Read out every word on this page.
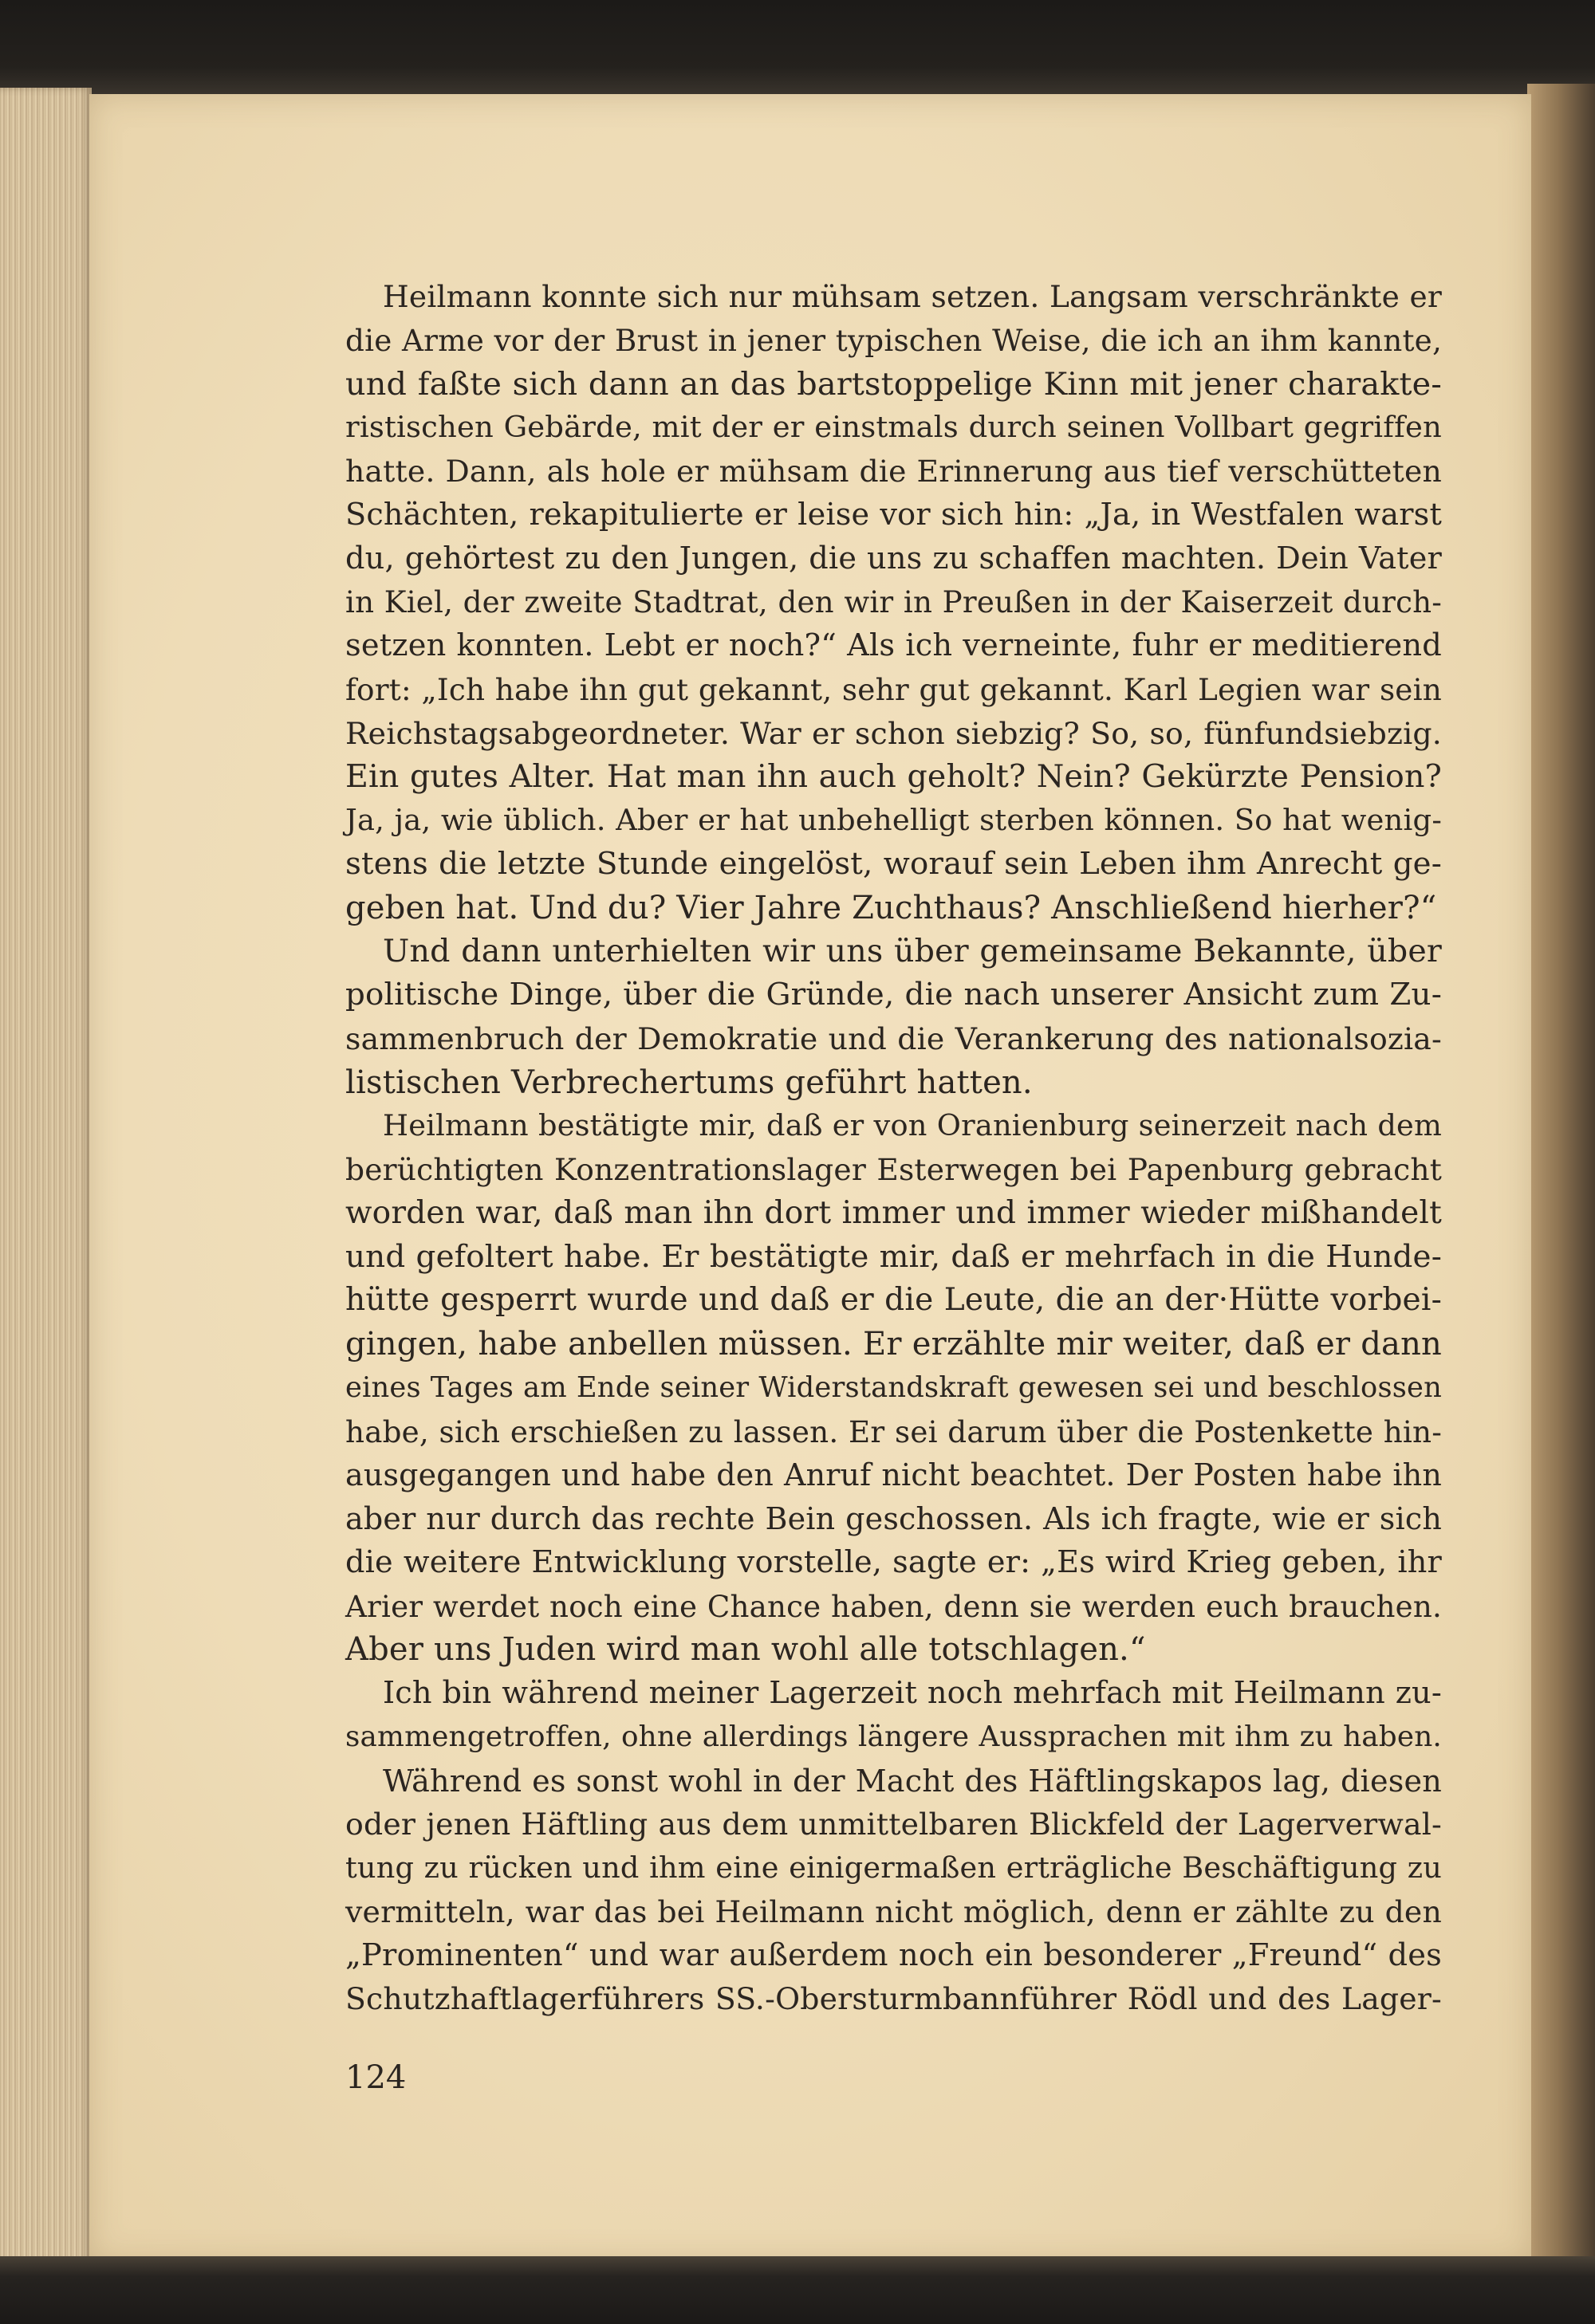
Heilmann konnte sich nur mühsam setzen. Langsam verschränkte er
die Arme vor der Brust in jener typischen Weise, die ich an ihm kannte,
und faßte sich dann an das bartstoppelige Kinn mit jener charakte-
ristischen Gebärde, mit der er einstmals durch seinen Vollbart gegriffen
hatte. Dann, als hole er mühsam die Erinnerung aus tief verschütteten
Schächten, rekapitulierte er leise vor sich hin: „Ja, in Westfalen warst
du, gehörtest zu den Jungen, die uns zu schaffen machten. Dein Vater
in Kiel, der zweite Stadtrat, den wir in Preußen in der Kaiserzeit durch-
setzen konnten. Lebt er noch?“ Als ich verneinte, fuhr er meditierend
fort: „Ich habe ihn gut gekannt, sehr gut gekannt. Karl Legien war sein
Reichstagsabgeordneter. War er schon siebzig? So, so, fünfundsiebzig.
Ein gutes Alter. Hat man ihn auch geholt? Nein? Gekürzte Pension?
Ja, ja, wie üblich. Aber er hat unbehelligt sterben können. So hat wenig-
stens die letzte Stunde eingelöst, worauf sein Leben ihm Anrecht ge-
geben hat. Und du? Vier Jahre Zuchthaus? Anschließend hierher?“
Und dann unterhielten wir uns über gemeinsame Bekannte, über
politische Dinge, über die Gründe, die nach unserer Ansicht zum Zu-
sammenbruch der Demokratie und die Verankerung des nationalsozia-
listischen Verbrechertums geführt hatten.
Heilmann bestätigte mir, daß er von Oranienburg seinerzeit nach dem
berüchtigten Konzentrationslager Esterwegen bei Papenburg gebracht
worden war, daß man ihn dort immer und immer wieder mißhandelt
und gefoltert habe. Er bestätigte mir, daß er mehrfach in die Hunde-
hütte gesperrt wurde und daß er die Leute, die an der·Hütte vorbei-
gingen, habe anbellen müssen. Er erzählte mir weiter, daß er dann
eines Tages am Ende seiner Widerstandskraft gewesen sei und beschlossen
habe, sich erschießen zu lassen. Er sei darum über die Postenkette hin-
ausgegangen und habe den Anruf nicht beachtet. Der Posten habe ihn
aber nur durch das rechte Bein geschossen. Als ich fragte, wie er sich
die weitere Entwicklung vorstelle, sagte er: „Es wird Krieg geben, ihr
Arier werdet noch eine Chance haben, denn sie werden euch brauchen.
Aber uns Juden wird man wohl alle totschlagen.“
Ich bin während meiner Lagerzeit noch mehrfach mit Heilmann zu-
sammengetroffen, ohne allerdings längere Aussprachen mit ihm zu haben.
Während es sonst wohl in der Macht des Häftlingskapos lag, diesen
oder jenen Häftling aus dem unmittelbaren Blickfeld der Lagerverwal-
tung zu rücken und ihm eine einigermaßen erträgliche Beschäftigung zu
vermitteln, war das bei Heilmann nicht möglich, denn er zählte zu den
„Prominenten“ und war außerdem noch ein besonderer „Freund“ des
Schutzhaftlagerführers SS.-Obersturmbannführer Rödl und des Lager-
124
